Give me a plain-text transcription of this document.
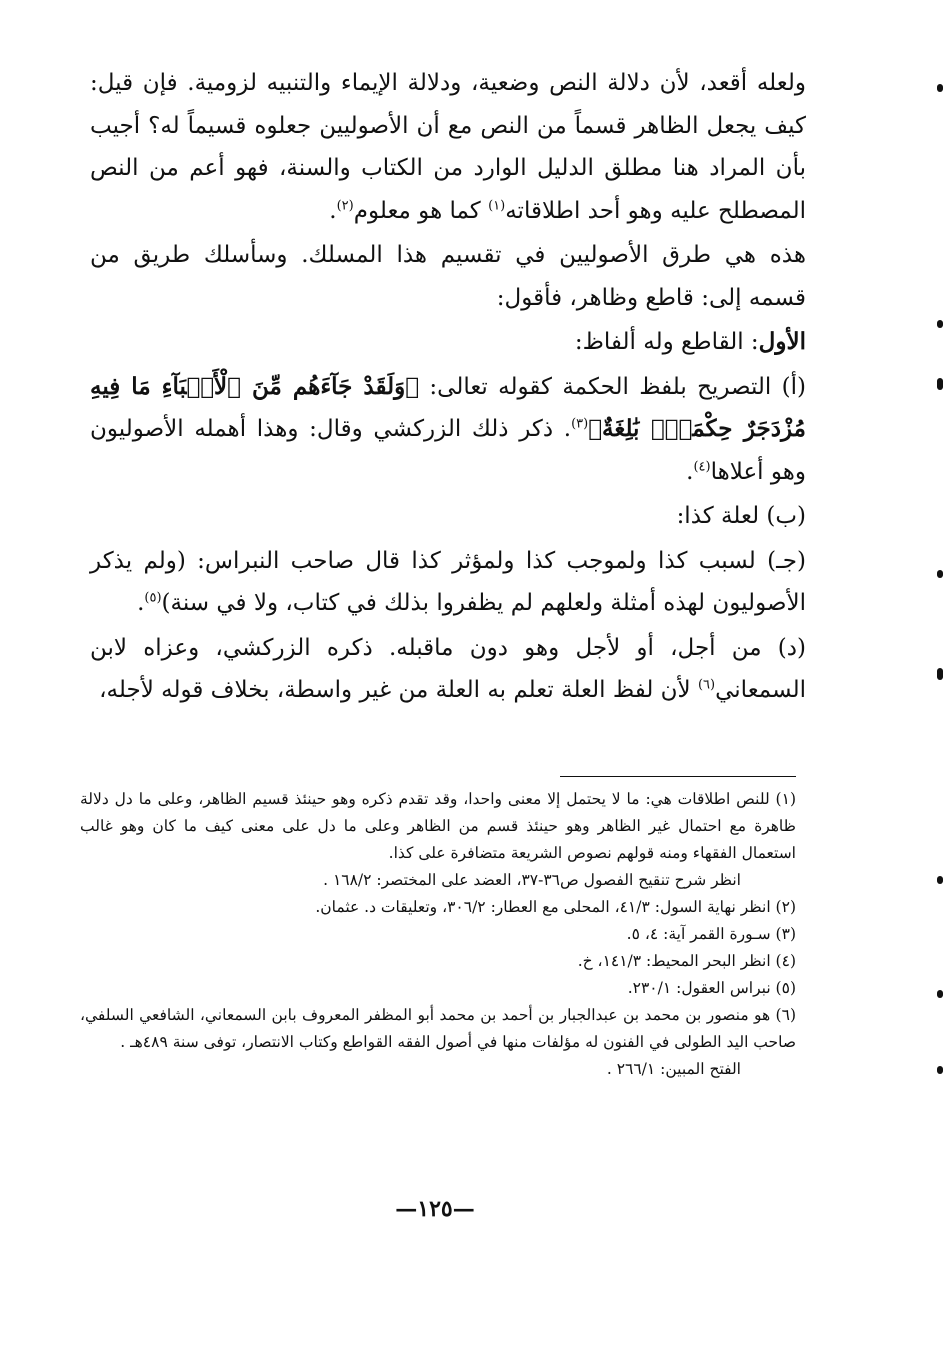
ولعله أقعد، لأن دلالة النص وضعية، ودلالة الإيماء والتنبيه لزومية. فإن قيل: كيف يجعل الظاهر قسماً من النص مع أن الأصوليين جعلوه قسيماً له؟ أجيب بأن المراد هنا مطلق الدليل الوارد من الكتاب والسنة، فهو أعم من النص المصطلح عليه وهو أحد اطلاقاته$^{(١)}$ كما هو معلوم$^{(٢)}$.

هذه هي طرق الأصوليين في تقسيم هذا المسلك. وسأسلك طريق من قسمه إلى: قاطع وظاهر، فأقول:

الأول: القاطع وله ألفاظ:

(أ) التصريح بلفظ الحكمة كقوله تعالى: ﴿وَلَقَدْ جَآءَهُم مِّنَ ٱلْأَنۢبَآءِ مَا فِيهِ مُزْدَجَرٌ حِكْمَةٌۢ بَٰلِغَةٌ﴾$^{(٣)}$. ذكر ذلك الزركشي وقال: وهذا أهمله الأصوليون وهو أعلاها$^{(٤)}$.

(ب) لعلة كذا:

(جـ) لسبب كذا ولموجب كذا ولمؤثر كذا قال صاحب النبراس: (ولم يذكر الأصوليون لهذه أمثلة ولعلهم لم يظفروا بذلك في كتاب، ولا في سنة)$^{(٥)}$.

(د) من أجل، أو لأجل وهو دون ماقبله. ذكره الزركشي، وعزاه لابن السمعاني$^{(٦)}$ لأن لفظ العلة تعلم به العلة من غير واسطة، بخلاف قوله لأجله،

(١) للنص اطلاقات هي: ما لا يحتمل إلا معنى واحدا، وقد تقدم ذكره وهو حينئذ قسيم الظاهر، وعلى ما دل دلالة ظاهرة مع احتمال غير الظاهر وهو حينئذ قسم من الظاهر وعلى ما دل على معنى كيف ما كان وهو غالب استعمال الفقهاء ومنه قولهم نصوص الشريعة متضافرة على كذا.

انظر شرح تنقيح الفصول ص٣٦-٣٧، العضد على المختصر: ١٦٨/٢ .

(٢) انظر نهاية السول: ٤١/٣، المحلى مع العطار: ٣٠٦/٢، وتعليقات د. عثمان.

(٣) سـورة القمر آية: ٤، ٥.

(٤) انظر البحر المحيط: ١٤١/٣، خ.

(٥) نبراس العقول: ٢٣٠/١.

(٦) هو منصور بن محمد بن عبدالجبار بن أحمد بن محمد أبو المظفر المعروف بابن السمعاني، الشافعي السلفي، صاحب اليد الطولى في الفنون له مؤلفات منها في أصول الفقه القواطع وكتاب الانتصار، توفى سنة ٤٨٩هـ .

الفتح المبين: ٢٦٦/١ .

—١٢٥—
